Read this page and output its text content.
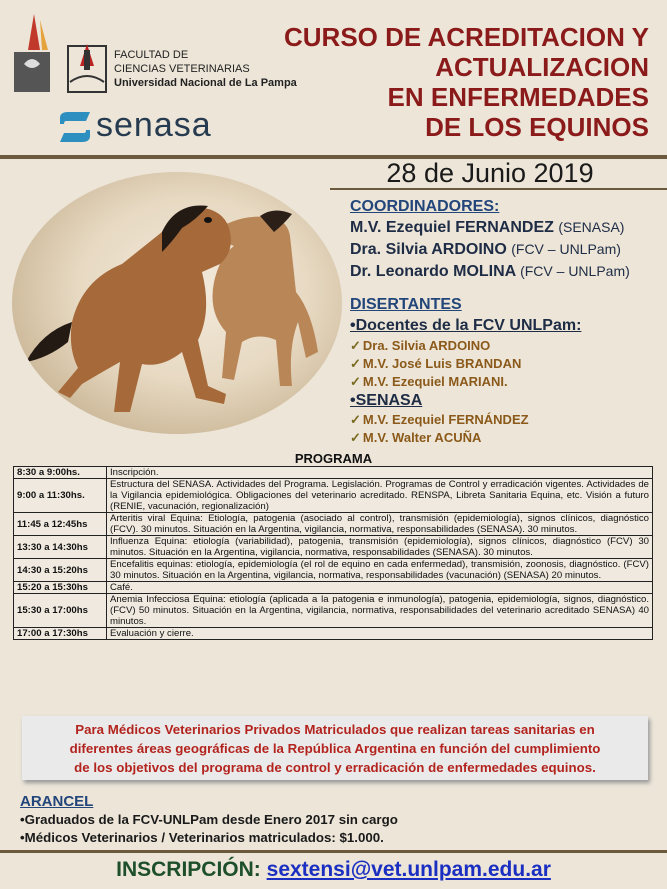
FACULTAD DE
CIENCIAS VETERINARIAS
Universidad Nacional de La Pampa
senasa
CURSO DE ACREDITACION Y
ACTUALIZACION
EN ENFERMEDADES
DE LOS EQUINOS
28 de Junio 2019
COORDINADORES:
M.V. Ezequiel FERNANDEZ (SENASA)
Dra. Silvia ARDOINO (FCV – UNLPam)
Dr. Leonardo MOLINA (FCV – UNLPam)
DISERTANTES
•Docentes de la FCV UNLPam:
✓ Dra. Silvia ARDOINO
✓ M.V. José Luis BRANDAN
✓ M.V. Ezequiel MARIANI.
•SENASA
✓ M.V. Ezequiel FERNÁNDEZ
✓ M.V. Walter ACUÑA
PROGRAMA
8:30 a 9:00hs.	Inscripción.
9:00 a 11:30hs.	Estructura del SENASA. Actividades del Programa. Legislación. Programas de Control y erradicación vigentes. Actividades de la Vigilancia epidemiológica. Obligaciones del veterinario acreditado. RENSPA, Libreta Sanitaria Equina, etc. Visión a futuro (RENIE, vacunación, regionalización)
11:45 a 12:45hs	Arteritis viral Equina: Etiología, patogenia (asociado al control), transmisión (epidemiología), signos clínicos, diagnóstico (FCV). 30 minutos. Situación en la Argentina, vigilancia, normativa, responsabilidades (SENASA). 30 minutos.
13:30 a 14:30hs	Influenza Equina: etiología (variabilidad), patogenia, transmisión (epidemiología), signos clínicos, diagnóstico (FCV) 30 minutos. Situación en la Argentina, vigilancia, normativa, responsabilidades (SENASA). 30 minutos.
14:30 a 15:20hs	Encefalitis equinas: etiología, epidemiología (el rol de equino en cada enfermedad), transmisión, zoonosis, diagnóstico. (FCV) 30 minutos. Situación en la Argentina, vigilancia, normativa, responsabilidades (vacunación) (SENASA) 20 minutos.
15:20 a 15:30hs	Café.
15:30 a 17:00hs	Anemia Infecciosa Equina: etiología (aplicada a la patogenia e inmunología), patogenia, epidemiología, signos, diagnóstico. (FCV) 50 minutos. Situación en la Argentina, vigilancia, normativa, responsabilidades del veterinario acreditado SENASA) 40 minutos.
17:00 a 17:30hs	Evaluación y cierre.
Para Médicos Veterinarios Privados Matriculados que realizan tareas sanitarias en
diferentes áreas geográficas de la República Argentina en función del cumplimiento
de los objetivos del programa de control y erradicación de enfermedades equinos.
ARANCEL
•Graduados de la FCV-UNLPam desde Enero 2017 sin cargo
•Médicos Veterinarios / Veterinarios matriculados: $1.000.
INSCRIPCIÓN: sextensi@vet.unlpam.edu.ar
